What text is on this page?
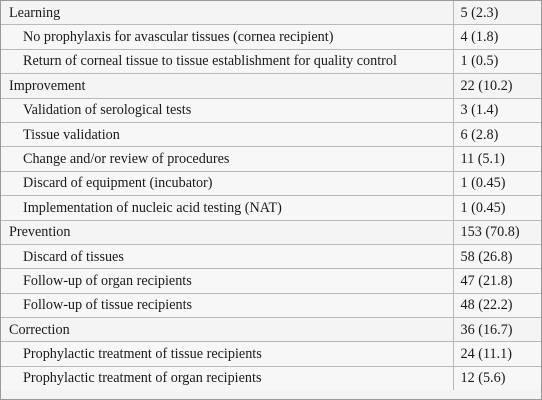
Learning	5 (2.3)
No prophylaxis for avascular tissues (cornea recipient)	4 (1.8)
Return of corneal tissue to tissue establishment for quality control	1 (0.5)
Improvement	22 (10.2)
Validation of serological tests	3 (1.4)
Tissue validation	6 (2.8)
Change and/or review of procedures	11 (5.1)
Discard of equipment (incubator)	1 (0.45)
Implementation of nucleic acid testing (NAT)	1 (0.45)
Prevention	153 (70.8)
Discard of tissues	58 (26.8)
Follow-up of organ recipients	47 (21.8)
Follow-up of tissue recipients	48 (22.2)
Correction	36 (16.7)
Prophylactic treatment of tissue recipients	24 (11.1)
Prophylactic treatment of organ recipients	12 (5.6)
